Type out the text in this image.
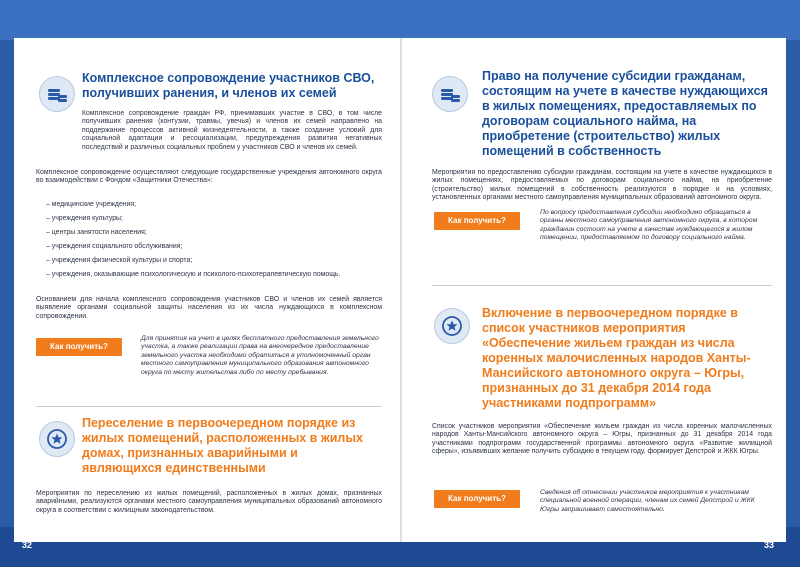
Комплексное сопровождение участников СВО, получивших ранения, и членов их семей

Комплексное сопровождение граждан РФ, принимавших участие в СВО, в том числе получивших ранения (контузии, травмы, увечья) и членов их семей направлено на поддержание процессов активной жизнедеятельности, а также создание условий для социальной адаптации и ресоциализации, предупреждения развития негативных последствий и различных социальных проблем у участников СВО и членов их семей.

Комплексное сопровождение осуществляют следующие государственные учреждения автономного округа во взаимодействии с Фондом «Защитники Отечества»:

– медицинские учреждения;

– учреждения культуры;

– центры занятости населения;

– учреждения социального обслуживания;

– учреждения физической культуры и спорта;

– учреждения, оказывающие психологическую и психолого-психотерапевтическую помощь.

Основанием для начала комплексного сопровождения участников СВО и членов их семей является выявление органами социальной защиты населения из их числа нуждающихся в комплексном сопровождении.

Как получить?

Для принятия на учет в целях бесплатного предоставления земельного участка, а также реализации права на внеочередное предоставление земельного участка необходимо обратиться в уполномоченный орган местного самоуправления муниципального образования автономного округа по месту жительства либо по месту пребывания.

Переселение в первоочередном порядке из жилых помещений, расположенных в жилых домах, признанных аварийными и являющихся единственными

Мероприятия по переселению из жилых помещений, расположенных в жилых домах, признанных аварийными, реализуются органами местного самоуправления муниципальных образований автономного округа в соответствии с жилищным законодательством.

Право на получение субсидии гражданам, состоящим на учете в качестве нуждающихся в жилых помещениях, предоставляемых по договорам социального найма, на приобретение (строительство) жилых помещений в собственность

Мероприятия по предоставлению субсидии гражданам, состоящим на учете в качестве нуждающихся в жилых помещениях, предоставляемых по договорам социального найма, на приобретение (строительство) жилых помещений в собственность реализуются в порядке и на условиях, установленных органами местного самоуправления муниципальных образований автономного округа.

Как получить?

По вопросу предоставления субсидии необходимо обращаться в органы местного самоуправления автономного округа, в котором гражданин состоит на учете в качестве нуждающегося в жилом помещении, предоставляемом по договору социального найма.

Включение в первоочередном порядке в список участников мероприятия «Обеспечение жильем граждан из числа коренных малочисленных народов Ханты-Мансийского автономного округа – Югры, признанных до 31 декабря 2014 года участниками подпрограмм»

Список участников мероприятия «Обеспечение жильем граждан из числа коренных малочисленных народов Ханты-Мансийского автономного округа – Югры, признанных до 31 декабря 2014 года участниками подпрограмм государственной программы автономного округа «Развитие жилищной сферы», изъявивших желание получить субсидию в текущем году, формирует Депстрой и ЖКК Югры.

Как получить?

Сведения об отнесении участников мероприятия к участникам специальной военной операции, членам их семей Депстрой и ЖКК Югры запрашивает самостоятельно.

32	33
